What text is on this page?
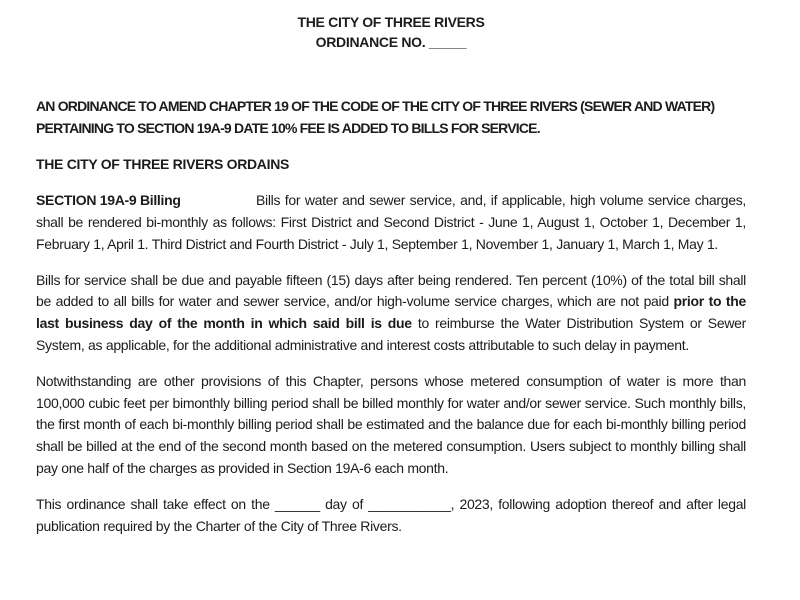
THE CITY OF THREE RIVERS
ORDINANCE NO. _____

AN ORDINANCE TO AMEND CHAPTER 19 OF THE CODE OF THE CITY OF THREE RIVERS (SEWER AND WATER) PERTAINING TO SECTION 19A-9 DATE 10% FEE IS ADDED TO BILLS FOR SERVICE.

THE CITY OF THREE RIVERS ORDAINS

SECTION 19A-9 Billing	Bills for water and sewer service, and, if applicable, high volume service charges, shall be rendered bi-monthly as follows: First District and Second District - June 1, August 1, October 1, December 1, February 1, April 1. Third District and Fourth District - July 1, September 1, November 1, January 1, March 1, May 1.

Bills for service shall be due and payable fifteen (15) days after being rendered. Ten percent (10%) of the total bill shall be added to all bills for water and sewer service, and/or high-volume service charges, which are not paid prior to the last business day of the month in which said bill is due to reimburse the Water Distribution System or Sewer System, as applicable, for the additional administrative and interest costs attributable to such delay in payment.

Notwithstanding are other provisions of this Chapter, persons whose metered consumption of water is more than 100,000 cubic feet per bimonthly billing period shall be billed monthly for water and/or sewer service. Such monthly bills, the first month of each bi-monthly billing period shall be estimated and the balance due for each bi-monthly billing period shall be billed at the end of the second month based on the metered consumption. Users subject to monthly billing shall pay one half of the charges as provided in Section 19A-6 each month.

This ordinance shall take effect on the ______ day of ___________, 2023, following adoption thereof and after legal publication required by the Charter of the City of Three Rivers.
